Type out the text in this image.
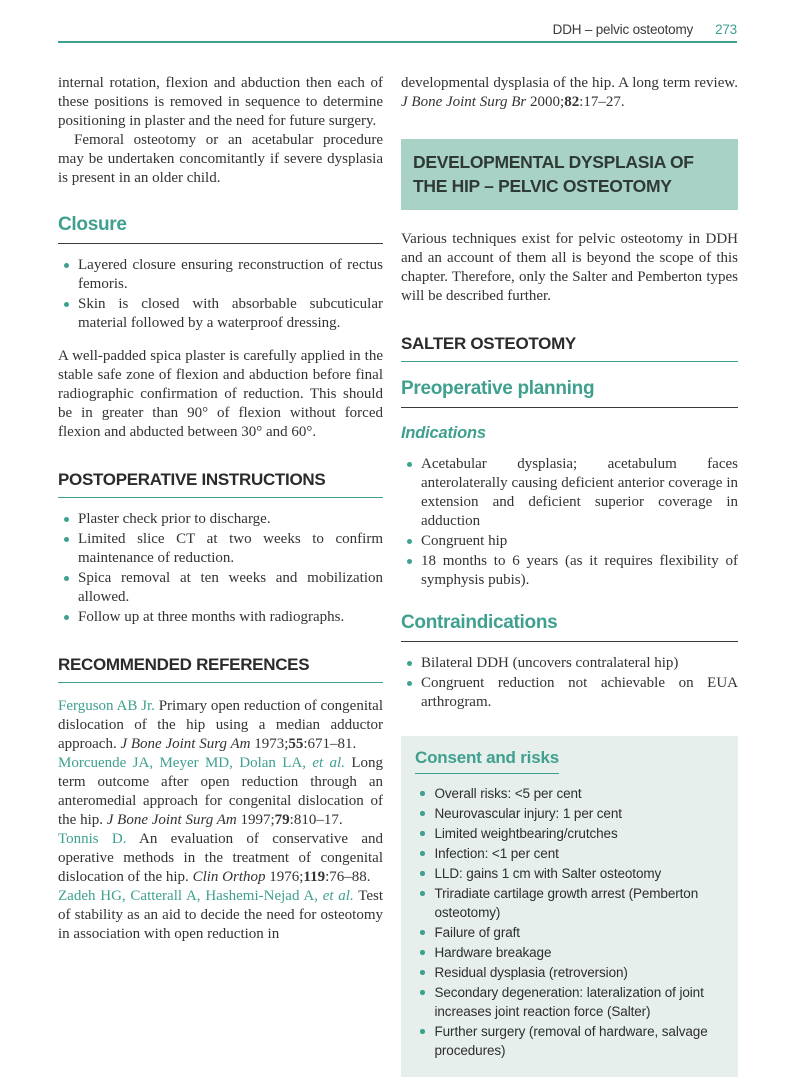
DDH – pelvic osteotomy 273

internal rotation, flexion and abduction then each of these positions is removed in sequence to determine positioning in plaster and the need for future surgery.

Femoral osteotomy or an acetabular procedure may be undertaken concomitantly if severe dysplasia is present in an older child.

Closure
Layered closure ensuring reconstruction of rectus femoris.
Skin is closed with absorbable subcuticular material followed by a waterproof dressing.

A well-padded spica plaster is carefully applied in the stable safe zone of flexion and abduction before final radiographic confirmation of reduction. This should be in greater than 90° of flexion without forced flexion and abducted between 30° and 60°.

POSTOPERATIVE INSTRUCTIONS
Plaster check prior to discharge.
Limited slice CT at two weeks to confirm maintenance of reduction.
Spica removal at ten weeks and mobilization allowed.
Follow up at three months with radiographs.
RECOMMENDED REFERENCES

Ferguson AB Jr. Primary open reduction of congenital dislocation of the hip using a median adductor approach. J Bone Joint Surg Am 1973;55:671–81.

Morcuende JA, Meyer MD, Dolan LA, et al. Long term outcome after open reduction through an anteromedial approach for congenital dislocation of the hip. J Bone Joint Surg Am 1997;79:810–17.

Tonnis D. An evaluation of conservative and operative methods in the treatment of congenital dislocation of the hip. Clin Orthop 1976;119:76–88.

Zadeh HG, Catterall A, Hashemi-Nejad A, et al. Test of stability as an aid to decide the need for osteotomy in association with open reduction in

developmental dysplasia of the hip. A long term review. J Bone Joint Surg Br 2000;82:17–27.

DEVELOPMENTAL DYSPLASIA OF THE HIP – PELVIC OSTEOTOMY

Various techniques exist for pelvic osteotomy in DDH and an account of them all is beyond the scope of this chapter. Therefore, only the Salter and Pemberton types will be described further.

SALTER OSTEOTOMY
Preoperative planning
Indications
Acetabular dysplasia; acetabulum faces anterolaterally causing deficient anterior coverage in extension and deficient superior coverage in adduction
Congruent hip
18 months to 6 years (as it requires flexibility of symphysis pubis).
Contraindications
Bilateral DDH (uncovers contralateral hip)
Congruent reduction not achievable on EUA arthrogram.
Consent and risks
Overall risks: <5 per cent
Neurovascular injury: 1 per cent
Limited weightbearing/crutches
Infection: <1 per cent
LLD: gains 1 cm with Salter osteotomy
Triradiate cartilage growth arrest (Pemberton osteotomy)
Failure of graft
Hardware breakage
Residual dysplasia (retroversion)
Secondary degeneration: lateralization of joint increases joint reaction force (Salter)
Further surgery (removal of hardware, salvage procedures)
